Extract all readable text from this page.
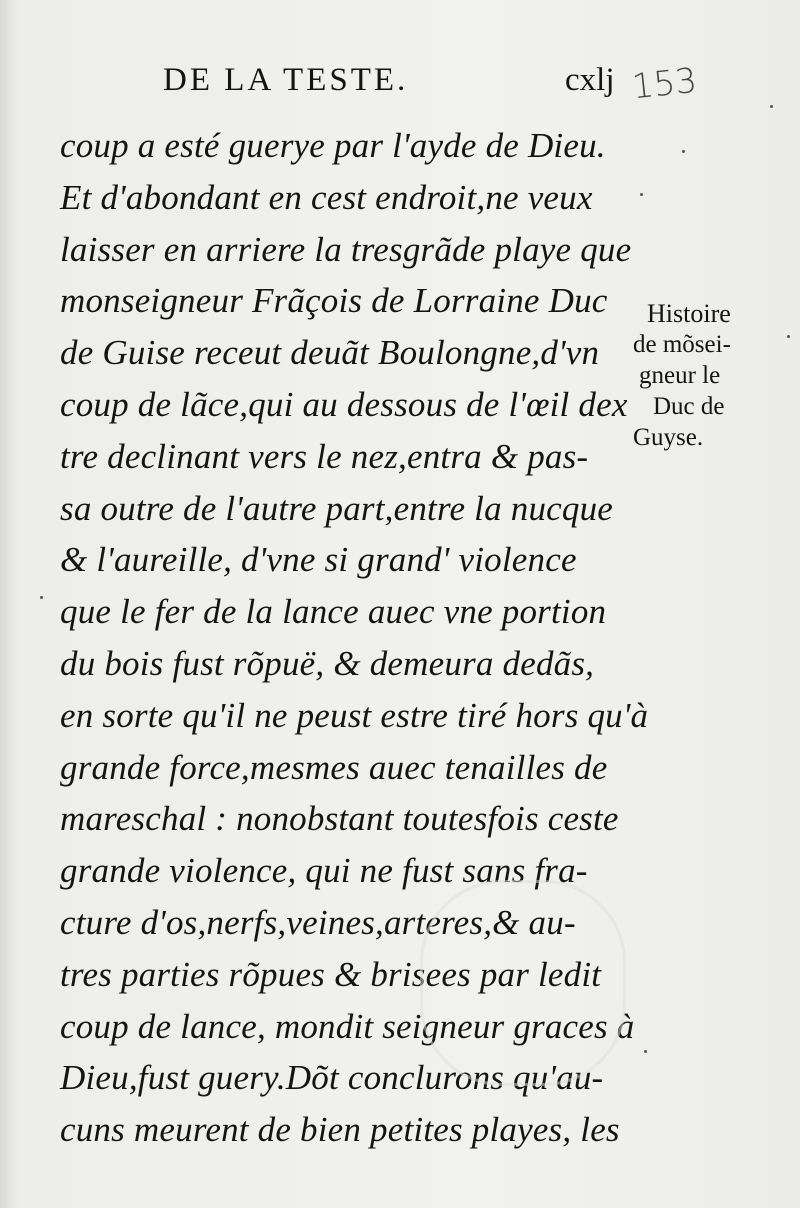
DE LA TESTE.	cxlj 153
coup a esté guerye par l'ayde de Dieu.
Et d'abondant en cest endroit,ne veux
laisser en arriere la tresgrãde playe que
monseigneur Frãçois de Lorraine Duc
de Guise receut deuãt Boulongne,d'vn
coup de lãce,qui au dessous de l'œil dex
tre declinant vers le nez,entra & pas-
sa outre de l'autre part,entre la nucque
& l'aureille, d'vne si grand' violence
que le fer de la lance auec vne portion
du bois fust rõpuë, & demeura dedãs,
en sorte qu'il ne peust estre tiré hors qu'à
grande force,mesmes auec tenailles de
mareschal : nonobstant toutesfois ceste
grande violence, qui ne fust sans fra-
cture d'os,nerfs,veines,arteres,& au-
tres parties rõpues & brisees par ledit
coup de lance, mondit seigneur graces à
Dieu,fust guery.Dõt conclurons qu'au-
cuns meurent de bien petites playes, les
Histoire
de mõsei-
gneur le
Duc de
Guyse.
